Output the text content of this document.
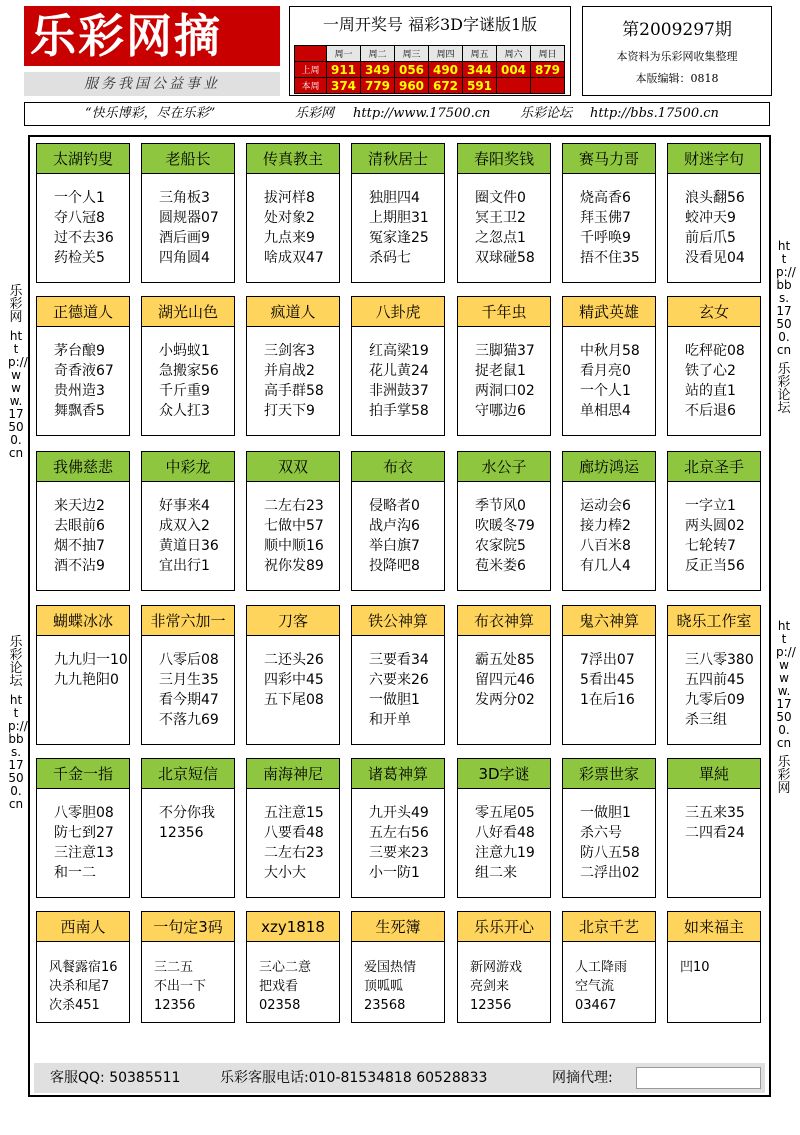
乐彩网摘
服务我国公益事业
一周开奖号 福彩3D字谜版1版
	周一	周二	周三	周四	周五	周六	周日
上周	911	349	056	490	344	004	879
本周	374	779	960	672	591		
第2009297期
本资料为乐彩网收集整理
本版编辑：0818
“快乐博彩，尽在乐彩”	乐彩网 http://www.17500.cn 乐彩论坛 http://bbs.17500.cn
乐
彩
网
http://www.17500.cn
乐
彩
论
坛
http://bbs.17500.cn
http://bbs.17500.cn
乐
彩
论
坛
http://www.17500.cn
乐
彩
网
太湖钓叟
一个人1
夺八冠8
过不去36
药检关5
老船长
三角板3
圆规器07
酒后画9
四角圆4
传真教主
拔河样8
处对象2
九点来9
啥成双47
清秋居士
独胆四4
上期胆31
冤家逢25
杀码七
春阳奖钱
圈文件0
冥王卫2
之忽点1
双球碰58
赛马力哥
烧高香6
拜玉佛7
千呼唤9
捂不住35
财迷字句
浪头翻56
蛟冲天9
前后爪5
没看见04
正德道人
茅台酿9
奇香液67
贵州造3
舞飘香5
湖光山色
小蚂蚁1
急搬家56
千斤重9
众人扛3
疯道人
三剑客3
并肩战2
高手群58
打天下9
八卦虎
红高梁19
花儿黄24
非洲鼓37
拍手掌58
千年虫
三脚猫37
捉老鼠1
两洞口02
守哪边6
精武英雄
中秋月58
看月亮0
一个人1
单相思4
玄女
吃秤砣08
铁了心2
站的直1
不后退6
我佛慈悲
来天边2
去眼前6
烟不抽7
酒不沾9
中彩龙
好事来4
成双入2
黄道日36
宜出行1
双双
二左右23
七做中57
顺中顺16
祝你发89
布衣
侵略者0
战卢沟6
举白旗7
投降吧8
水公子
季节风0
吹暖冬79
农家院5
苞米娄6
廊坊鸿运
运动会6
接力棒2
八百米8
有几人4
北京圣手
一字立1
两头圆02
七轮转7
反正当56
蝴蝶冰冰
九九归一10
九九艳阳0
非常六加一
八零后08
三月生35
看今期47
不落九69
刀客
二还头26
四彩中45
五下尾08
铁公神算
三要看34
六要来26
一做胆1
和开单
布衣神算
霸五处85
留四元46
发两分02
鬼六神算
7浮出07
5看出45
1在后16
晓乐工作室
三八零380
五四前45
九零后09
杀三组
千金一指
八零胆08
防七到27
三注意13
和一二
北京短信
不分你我
12356
南海神尼
五注意15
八要看48
二左右23
大小大
诸葛神算
九开头49
五左右56
三要来23
小一防1
3D字谜
零五尾05
八好看48
注意九19
组二来
彩票世家
一做胆1
杀六号
防八五58
二浮出02
單純
三五来35
二四看24
西南人
风餐露宿16
决杀和尾7
次杀451
一句定3码
三二五
不出一下
12356
xzy1818
三心二意
把戏看
02358
生死簿
爱国热情
顶呱呱
23568
乐乐开心
新网游戏
亮剑来
12356
北京千艺
人工降雨
空气流
03467
如来福主
凹10
客服QQ: 50385511	乐彩客服电话:010-81534818 60528833	网摘代理:
